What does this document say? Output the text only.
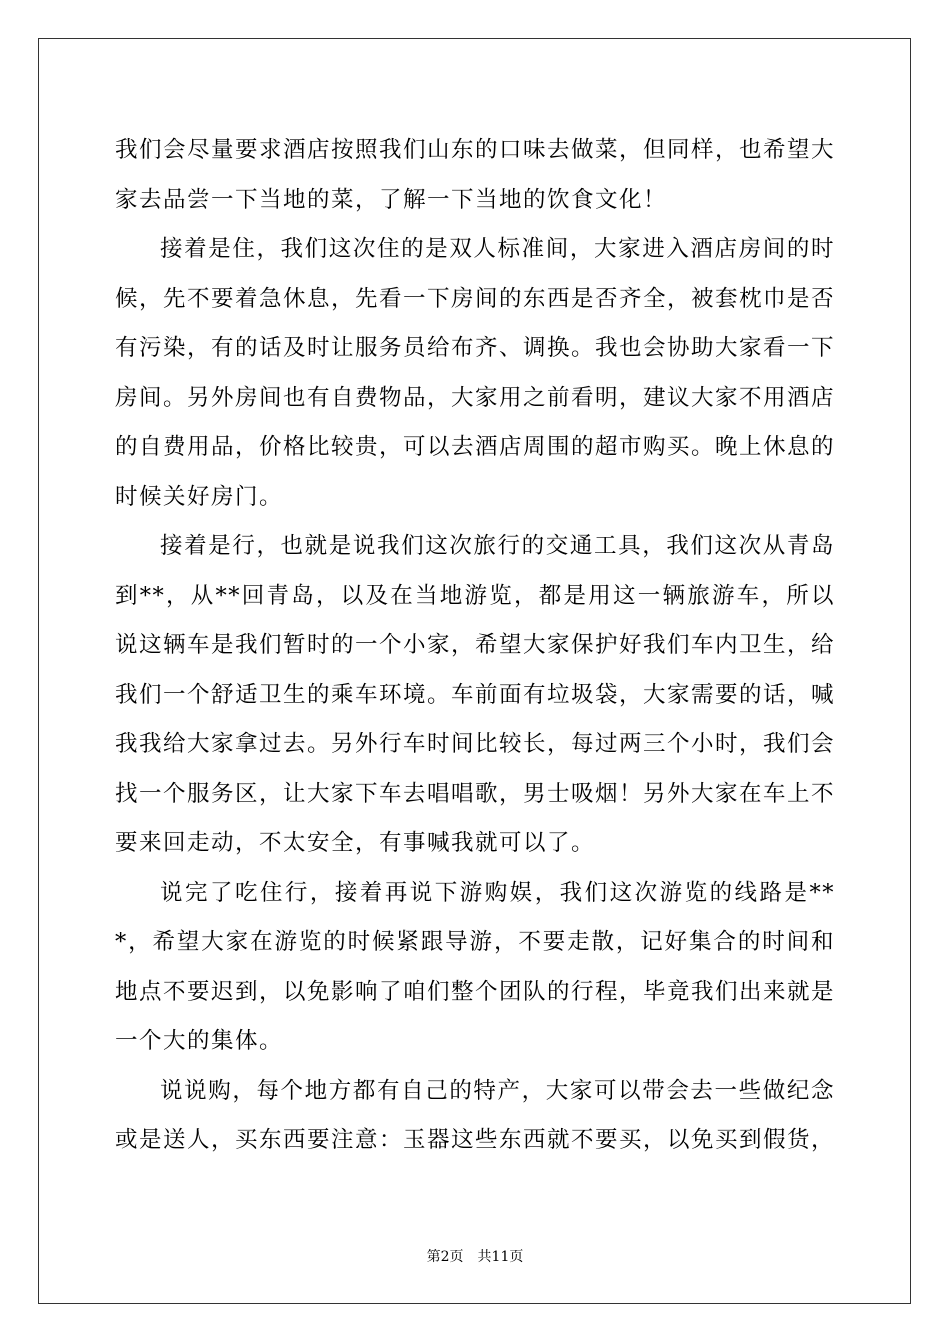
我们会尽量要求酒店按照我们山东的口味去做菜，但同样，也希望大家去品尝一下当地的菜，了解一下当地的饮食文化！

接着是住，我们这次住的是双人标准间，大家进入酒店房间的时候，先不要着急休息，先看一下房间的东西是否齐全，被套枕巾是否有污染，有的话及时让服务员给布齐、调换。我也会协助大家看一下房间。另外房间也有自费物品，大家用之前看明，建议大家不用酒店的自费用品，价格比较贵，可以去酒店周围的超市购买。晚上休息的时候关好房门。

接着是行，也就是说我们这次旅行的交通工具，我们这次从青岛到**，从**回青岛，以及在当地游览，都是用这一辆旅游车，所以说这辆车是我们暂时的一个小家，希望大家保护好我们车内卫生，给我们一个舒适卫生的乘车环境。车前面有垃圾袋，大家需要的话，喊我我给大家拿过去。另外行车时间比较长，每过两三个小时，我们会找一个服务区，让大家下车去唱唱歌，男士吸烟！另外大家在车上不要来回走动，不太安全，有事喊我就可以了。

说完了吃住行，接着再说下游购娱，我们这次游览的线路是***，希望大家在游览的时候紧跟导游，不要走散，记好集合的时间和地点不要迟到，以免影响了咱们整个团队的行程，毕竟我们出来就是一个大的集体。

说说购，每个地方都有自己的特产，大家可以带会去一些做纪念或是送人，买东西要注意：玉器这些东西就不要买，以免买到假货，

第2页　共11页
